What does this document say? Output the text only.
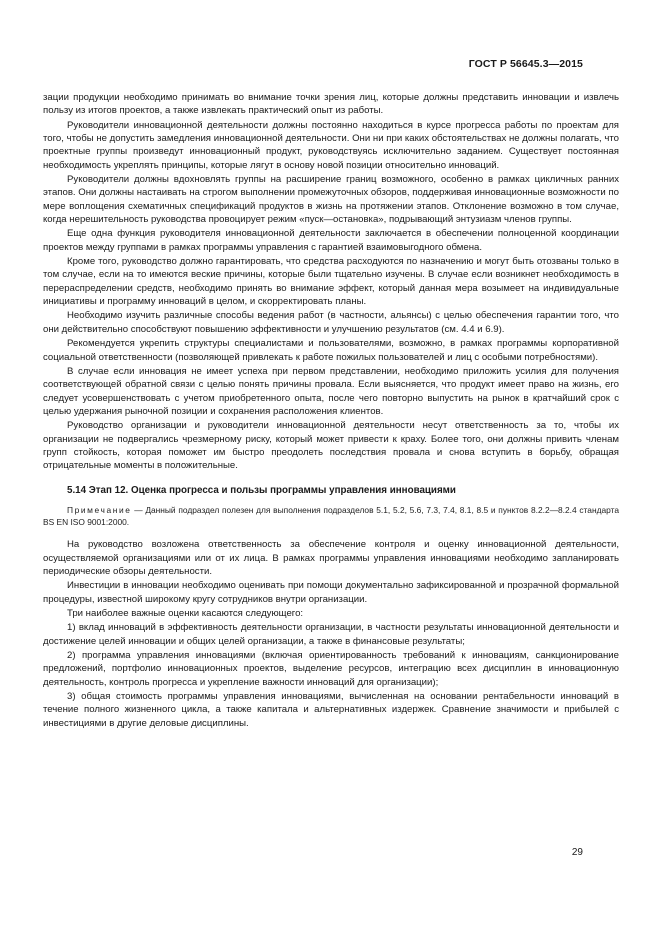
ГОСТ Р 56645.3—2015

зации продукции необходимо принимать во внимание точки зрения лиц, которые должны представить инновации и извлечь пользу из итогов проектов, а также извлекать практический опыт из работы.

Руководители инновационной деятельности должны постоянно находиться в курсе прогресса работы по проектам для того, чтобы не допустить замедления инновационной деятельности. Они ни при каких обстоятельствах не должны полагать, что проектные группы произведут инновационный продукт, руководствуясь исключительно заданием. Существует постоянная необходимость укреплять принципы, которые лягут в основу новой позиции относительно инноваций.

Руководители должны вдохновлять группы на расширение границ возможного, особенно в рамках цикличных ранних этапов. Они должны настаивать на строгом выполнении промежуточных обзоров, поддерживая инновационные возможности по мере воплощения схематичных спецификаций продуктов в жизнь на протяжении этапов. Отклонение возможно в том случае, когда нерешительность руководства провоцирует режим «пуск—остановка», подрывающий энтузиазм членов группы.

Еще одна функция руководителя инновационной деятельности заключается в обеспечении полноценной координации проектов между группами в рамках программы управления с гарантией взаимовыгодного обмена.

Кроме того, руководство должно гарантировать, что средства расходуются по назначению и могут быть отозваны только в том случае, если на то имеются веские причины, которые были тщательно изучены. В случае если возникнет необходимость в перераспределении средств, необходимо принять во внимание эффект, который данная мера возымеет на индивидуальные инициативы и программу инноваций в целом, и скорректировать планы.

Необходимо изучить различные способы ведения работ (в частности, альянсы) с целью обеспечения гарантии того, что они действительно способствуют повышению эффективности и улучшению результатов (см. 4.4 и 6.9).

Рекомендуется укрепить структуры специалистами и пользователями, возможно, в рамках программы корпоративной социальной ответственности (позволяющей привлекать к работе пожилых пользователей и лиц с особыми потребностями).

В случае если инновация не имеет успеха при первом представлении, необходимо приложить усилия для получения соответствующей обратной связи с целью понять причины провала. Если выясняется, что продукт имеет право на жизнь, его следует усовершенствовать с учетом приобретенного опыта, после чего повторно выпустить на рынок в кратчайший срок с целью удержания рыночной позиции и сохранения расположения клиентов.

Руководство организации и руководители инновационной деятельности несут ответственность за то, чтобы их организации не подвергались чрезмерному риску, который может привести к краху. Более того, они должны привить членам групп стойкость, которая поможет им быстро преодолеть последствия провала и снова вступить в борьбу, обращая отрицательные моменты в положительные.

5.14 Этап 12. Оценка прогресса и пользы программы управления инновациями

Примечание — Данный подраздел полезен для выполнения подразделов 5.1, 5.2, 5.6, 7.3, 7.4, 8.1, 8.5 и пунктов 8.2.2—8.2.4 стандарта BS EN ISO 9001:2000.

На руководство возложена ответственность за обеспечение контроля и оценку инновационной деятельности, осуществляемой организациями или от их лица. В рамках программы управления инновациями необходимо запланировать периодические обзоры деятельности.

Инвестиции в инновации необходимо оценивать при помощи документально зафиксированной и прозрачной формальной процедуры, известной широкому кругу сотрудников внутри организации.

Три наиболее важные оценки касаются следующего:

1) вклад инноваций в эффективность деятельности организации, в частности результаты инновационной деятельности и достижение целей инновации и общих целей организации, а также в финансовые результаты;

2) программа управления инновациями (включая ориентированность требований к инновациям, санкционирование предложений, портфолио инновационных проектов, выделение ресурсов, интеграцию всех дисциплин в инновационную деятельность, контроль прогресса и укрепление важности инноваций для организации);

3) общая стоимость программы управления инновациями, вычисленная на основании рентабельности инноваций в течение полного жизненного цикла, а также капитала и альтернативных издержек. Сравнение значимости и прибылей с инвестициями в другие деловые дисциплины.

29
